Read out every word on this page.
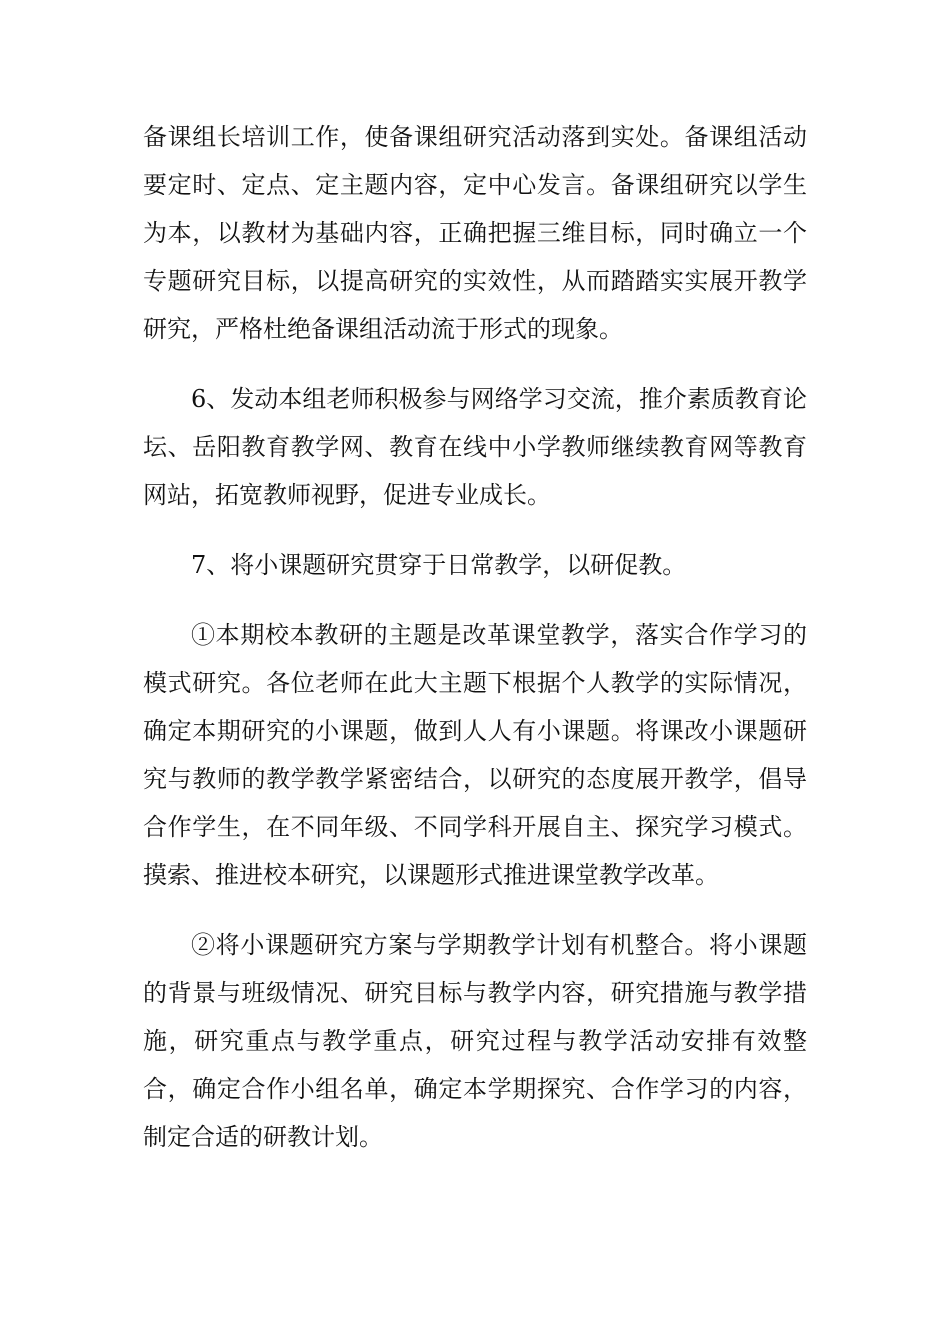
备课组长培训工作，使备课组研究活动落到实处。备课组活动要定时、定点、定主题内容，定中心发言。备课组研究以学生为本，以教材为基础内容，正确把握三维目标，同时确立一个专题研究目标，以提高研究的实效性，从而踏踏实实展开教学研究，严格杜绝备课组活动流于形式的现象。

6、发动本组老师积极参与网络学习交流，推介素质教育论坛、岳阳教育教学网、教育在线中小学教师继续教育网等教育网站，拓宽教师视野，促进专业成长。

7、将小课题研究贯穿于日常教学，以研促教。

①本期校本教研的主题是改革课堂教学，落实合作学习的模式研究。各位老师在此大主题下根据个人教学的实际情况， 确定本期研究的小课题，做到人人有小课题。将课改小课题研究与教师的教学教学紧密结合，以研究的态度展开教学，倡导合作学生，在不同年级、不同学科开展自主、探究学习模式。摸索、推进校本研究，以课题形式推进课堂教学改革。

②将小课题研究方案与学期教学计划有机整合。将小课题的背景与班级情况、研究目标与教学内容，研究措施与教学措施，研究重点与教学重点，研究过程与教学活动安排有效整合，确定合作小组名单，确定本学期探究、合作学习的内容，制定合适的研教计划。
